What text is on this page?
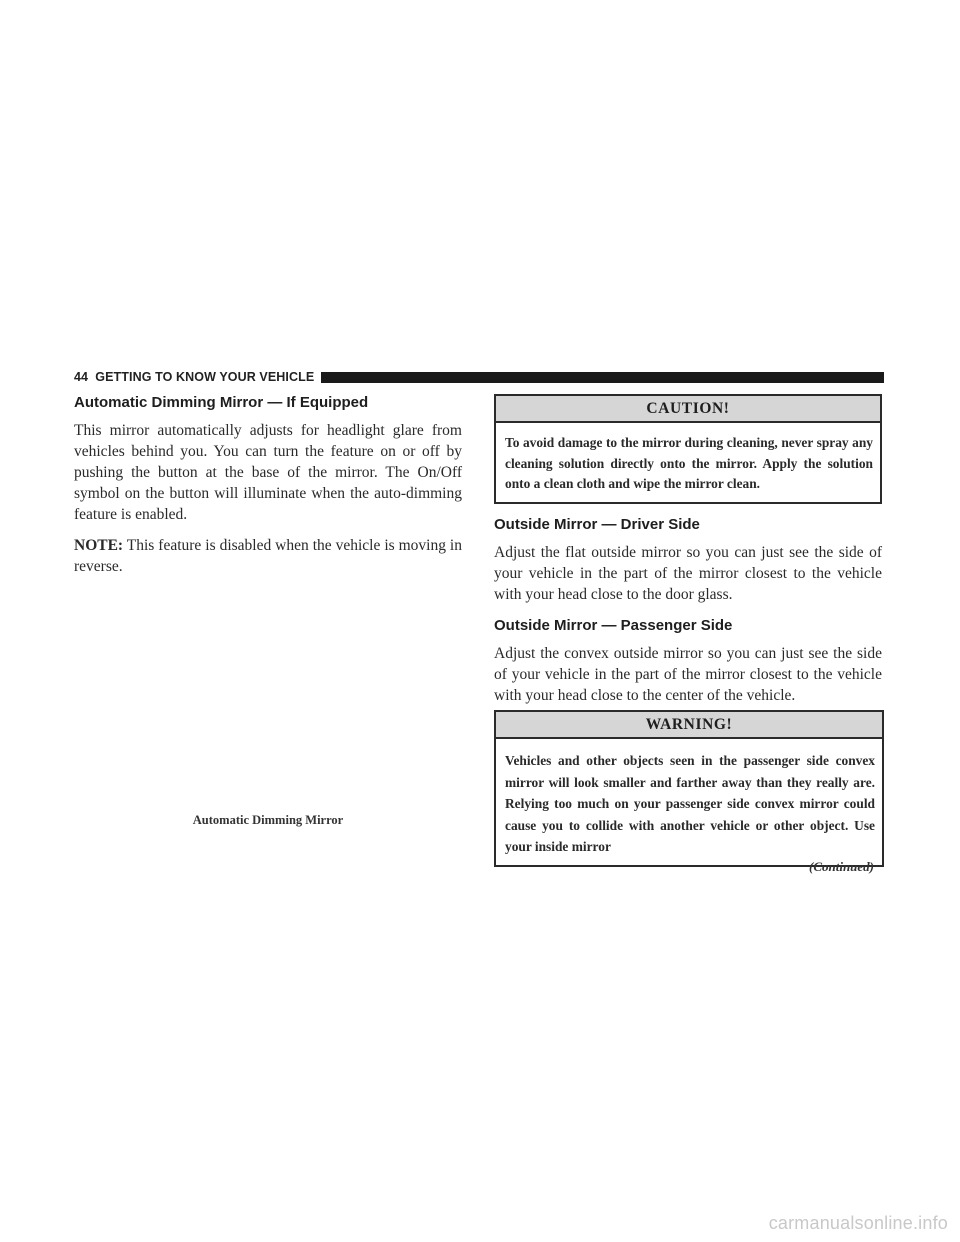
44 GETTING TO KNOW YOUR VEHICLE
Automatic Dimming Mirror — If Equipped

This mirror automatically adjusts for headlight glare from vehicles behind you. You can turn the feature on or off by pushing the button at the base of the mirror. The On/Off symbol on the button will illuminate when the auto-dimming feature is enabled.

NOTE: This feature is disabled when the vehicle is moving in reverse.

Automatic Dimming Mirror
CAUTION!
To avoid damage to the mirror during cleaning, never spray any cleaning solution directly onto the mirror. Apply the solution onto a clean cloth and wipe the mirror clean.
Outside Mirror — Driver Side

Adjust the flat outside mirror so you can just see the side of your vehicle in the part of the mirror closest to the vehicle with your head close to the door glass.

Outside Mirror — Passenger Side

Adjust the convex outside mirror so you can just see the side of your vehicle in the part of the mirror closest to the vehicle with your head close to the center of the vehicle.

WARNING!
Vehicles and other objects seen in the passenger side convex mirror will look smaller and farther away than they really are. Relying too much on your passenger side convex mirror could cause you to collide with another vehicle or other object. Use your inside mirror
(Continued)
carmanualsonline.info
